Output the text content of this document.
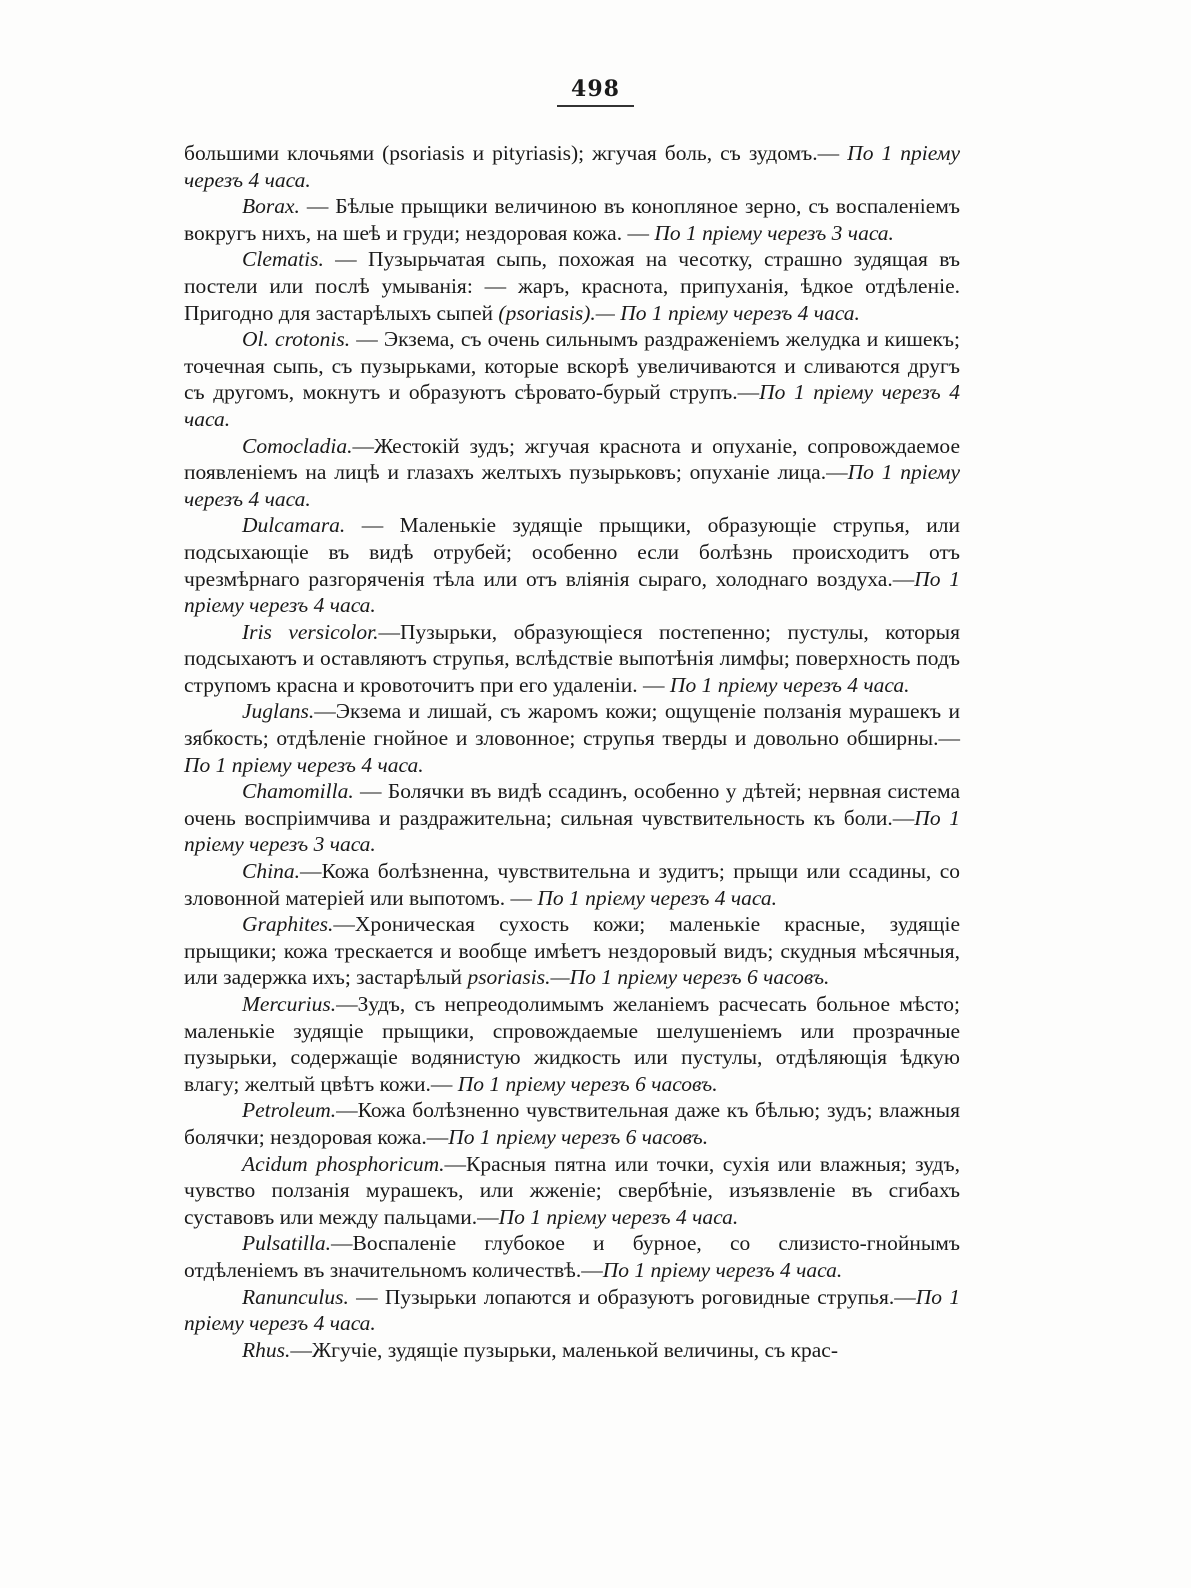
498

большими клочьями (psoriasis и pityriasis); жгучая боль, съ зудомъ.— По 1 пріему черезъ 4 часа.

Borax. — Бѣлые прыщики величиною въ конопляное зерно, съ воспаленіемъ вокругъ нихъ, на шеѣ и груди; нездоровая кожа. — По 1 пріему черезъ 3 часа.

Clematis. — Пузырьчатая сыпь, похожая на чесотку, страшно зудящая въ постели или послѣ умыванія: — жаръ, краснота, припуханія, ѣдкое отдѣленіе. Пригодно для застарѣлыхъ сыпей (psoriasis).— По 1 пріему черезъ 4 часа.

Ol. crotonis. — Экзема, съ очень сильнымъ раздраженіемъ желудка и кишекъ; точечная сыпь, съ пузырьками, которые вскорѣ увеличиваются и сливаются другъ съ другомъ, мокнутъ и образуютъ сѣровато-бурый струпъ.—По 1 пріему черезъ 4 часа.

Comocladia.—Жестокій зудъ; жгучая краснота и опуханіе, сопровождаемое появленіемъ на лицѣ и глазахъ желтыхъ пузырьковъ; опуханіе лица.—По 1 пріему черезъ 4 часа.

Dulcamara. — Маленькіе зудящіе прыщики, образующіе струпья, или подсыхающіе въ видѣ отрубей; особенно если болѣзнь происходитъ отъ чрезмѣрнаго разгоряченія тѣла или отъ вліянія сыраго, холоднаго воздуха.—По 1 пріему черезъ 4 часа.

Iris versicolor.—Пузырьки, образующіеся постепенно; пустулы, которыя подсыхаютъ и оставляютъ струпья, вслѣдствіе выпотѣнія лимфы; поверхность подъ струпомъ красна и кровоточитъ при его удаленіи. — По 1 пріему черезъ 4 часа.

Juglans.—Экзема и лишай, съ жаромъ кожи; ощущеніе ползанія мурашекъ и зябкость; отдѣленіе гнойное и зловонное; струпья тверды и довольно обширны.—По 1 пріему черезъ 4 часа.

Chamomilla. — Болячки въ видѣ ссадинъ, особенно у дѣтей; нервная система очень воспріимчива и раздражительна; сильная чувствительность къ боли.—По 1 пріему черезъ 3 часа.

China.—Кожа болѣзненна, чувствительна и зудитъ; прыщи или ссадины, со зловонной матеріей или выпотомъ. — По 1 пріему черезъ 4 часа.

Graphites.—Хроническая сухость кожи; маленькіе красные, зудящіе прыщики; кожа трескается и вообще имѣетъ нездоровый видъ; скудныя мѣсячныя, или задержка ихъ; застарѣлый psoriasis.—По 1 пріему черезъ 6 часовъ.

Mercurius.—Зудъ, съ непреодолимымъ желаніемъ расчесать больное мѣсто; маленькіе зудящіе прыщики, спровождаемые шелушеніемъ или прозрачные пузырьки, содержащіе водянистую жидкость или пустулы, отдѣляющія ѣдкую влагу; желтый цвѣтъ кожи.— По 1 пріему черезъ 6 часовъ.

Petroleum.—Кожа болѣзненно чувствительная даже къ бѣлью; зудъ; влажныя болячки; нездоровая кожа.—По 1 пріему черезъ 6 часовъ.

Acidum phosphoricum.—Красныя пятна или точки, сухія или влажныя; зудъ, чувство ползанія мурашекъ, или жженіе; свербѣніе, изъязвленіе въ сгибахъ суставовъ или между пальцами.—По 1 пріему черезъ 4 часа.

Pulsatilla.—Воспаленіе глубокое и бурное, со слизисто-гнойнымъ отдѣленіемъ въ значительномъ количествѣ.—По 1 пріему черезъ 4 часа.

Ranunculus. — Пузырьки лопаются и образуютъ роговидные струпья.—По 1 пріему черезъ 4 часа.

Rhus.—Жгучіе, зудящіе пузырьки, маленькой величины, съ крас-
